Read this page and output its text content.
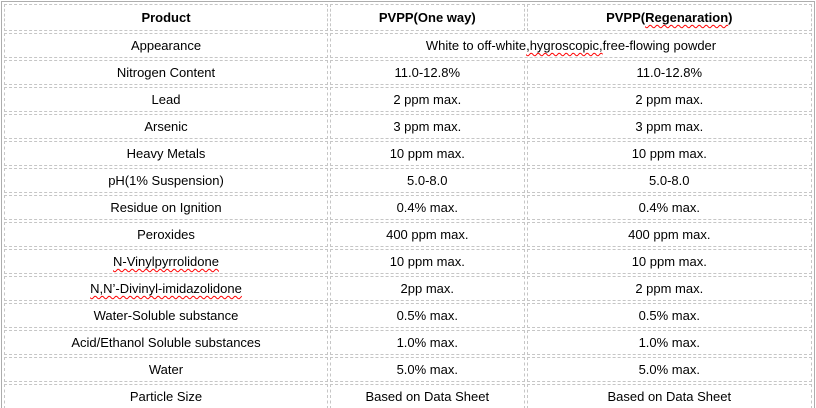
Product	PVPP(One way)	PVPP(Regenaration)
Appearance	White to off-white,hygroscopic,free-flowing powder	
Nitrogen Content	11.0-12.8%	11.0-12.8%
Lead	2 ppm max.	2 ppm max.
Arsenic	3 ppm max.	3 ppm max.
Heavy Metals	10 ppm max.	10 ppm max.
pH(1% Suspension)	5.0-8.0	5.0-8.0
Residue on Ignition	0.4% max.	0.4% max.
Peroxides	400 ppm max.	400 ppm max.
N-Vinylpyrrolidone	10 ppm max.	10 ppm max.
N,N’-Divinyl-imidazolidone	2pp max.	2 ppm max.
Water-Soluble substance	0.5% max.	0.5% max.
Acid/Ethanol Soluble substances	1.0% max.	1.0% max.
Water	5.0% max.	5.0% max.
Particle Size	Based on Data Sheet	Based on Data Sheet
